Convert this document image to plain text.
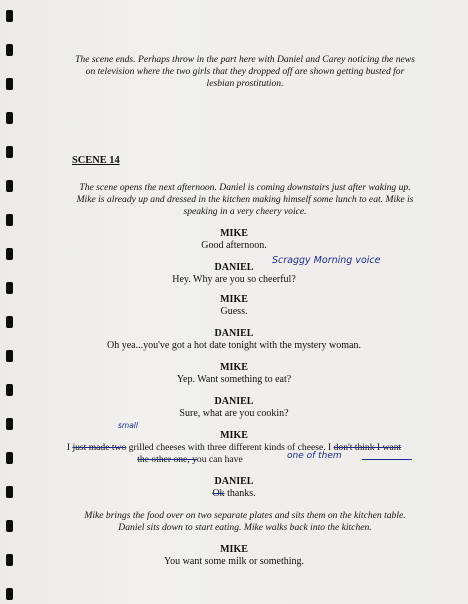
The scene ends. Perhaps throw in the part here with Daniel and Carey noticing the news

on television where the two girls that they dropped off are shown getting busted for

lesbian prostitution.

SCENE 14

The scene opens the next afternoon. Daniel is coming downstairs just after waking up.

Mike is already up and dressed in the kitchen making himself some lunch to eat. Mike is

speaking in a very cheery voice.

MIKE

Good afternoon.

DANIEL

Scraggy Morning voice

Hey. Why are you so cheerful?

MIKE

Guess.

DANIEL

Oh yea...you've got a hot date tonight with the mystery woman.

MIKE

Yep. Want something to eat?

DANIEL

Sure, what are you cookin?

MIKE

small

I just made two grilled cheeses with three different kinds of cheese. I don't think I want

the other one, you can have	one of them

DANIEL

Ok thanks.

Mike brings the food over on two separate plates and sits them on the kitchen table.

Daniel sits down to start eating. Mike walks back into the kitchen.

MIKE

You want some milk or something.
